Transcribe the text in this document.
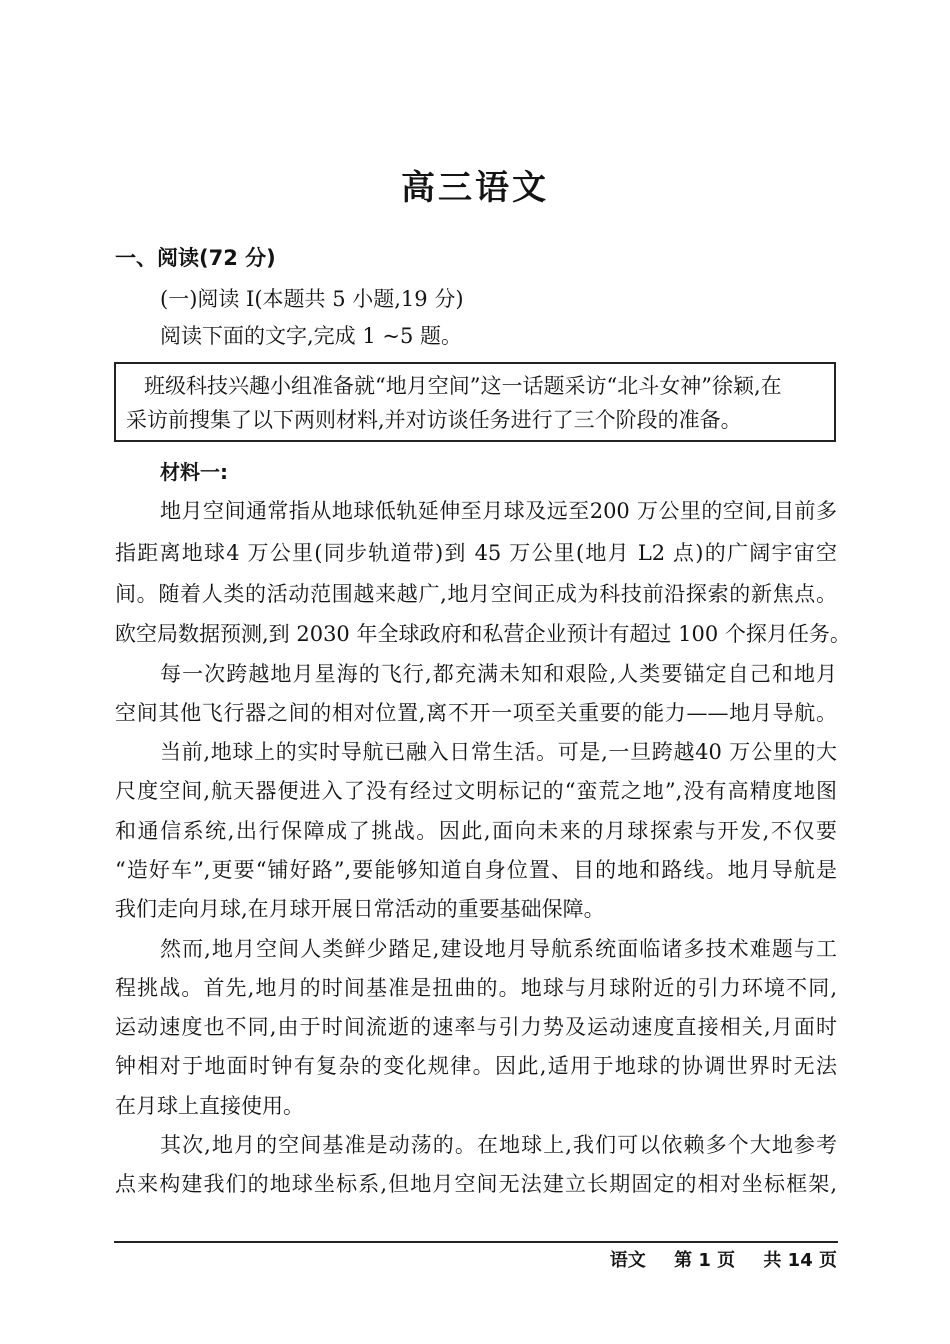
高三语文
一、阅读(72 分)
(一)阅读 I(本题共 5 小题,19 分)
阅读下面的文字,完成 1 ~5 题。
班级科技兴趣小组准备就“地月空间”这一话题采访“北斗女神”徐颖,在
采访前搜集了以下两则材料,并对访谈任务进行了三个阶段的准备。
材料一:
地月空间通常指从地球低轨延伸至月球及远至200 万公里的空间,目前多
指距离地球4 万公里(同步轨道带)到 45 万公里(地月 L2 点)的广阔宇宙空
间。随着人类的活动范围越来越广,地月空间正成为科技前沿探索的新焦点。
欧空局数据预测,到 2030 年全球政府和私营企业预计有超过 100 个探月任务。
每一次跨越地月星海的飞行,都充满未知和艰险,人类要锚定自己和地月
空间其他飞行器之间的相对位置,离不开一项至关重要的能力——地月导航。
当前,地球上的实时导航已融入日常生活。可是,一旦跨越40 万公里的大
尺度空间,航天器便进入了没有经过文明标记的“蛮荒之地”,没有高精度地图
和通信系统,出行保障成了挑战。因此,面向未来的月球探索与开发,不仅要
“造好车”,更要“铺好路”,要能够知道自身位置、目的地和路线。地月导航是
我们走向月球,在月球开展日常活动的重要基础保障。
然而,地月空间人类鲜少踏足,建设地月导航系统面临诸多技术难题与工
程挑战。首先,地月的时间基准是扭曲的。地球与月球附近的引力环境不同,
运动速度也不同,由于时间流逝的速率与引力势及运动速度直接相关,月面时
钟相对于地面时钟有复杂的变化规律。因此,适用于地球的协调世界时无法
在月球上直接使用。
其次,地月的空间基准是动荡的。在地球上,我们可以依赖多个大地参考
点来构建我们的地球坐标系,但地月空间无法建立长期固定的相对坐标框架,
语文 第 1 页 共 14 页
